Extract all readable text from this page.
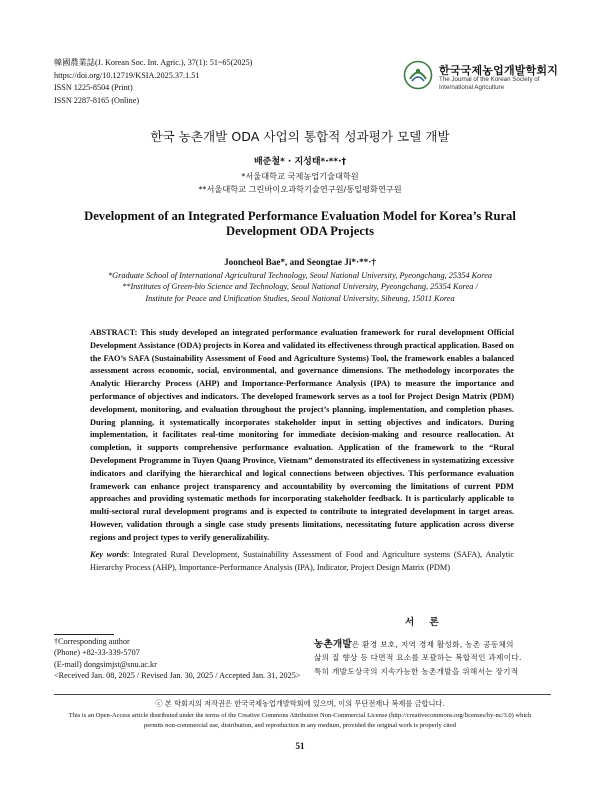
韓國農業誌(J. Korean Soc. Int. Agric.), 37(1): 51~65(2025)
https://doi.org/10.12719/KSIA.2025.37.1.51
ISSN 1225-8504 (Print)
ISSN 2287-8165 (Online)
한국국제농업개발학회지
The Journal of the Korean Society of International Agriculture
한국 농촌개발 ODA 사업의 통합적 성과평가 모델 개발
배준철* · 지성태*·**·†
*서울대학교 국제농업기술대학원
**서울대학교 그린바이오과학기술연구원/통일평화연구원
Development of an Integrated Performance Evaluation Model for Korea’s Rural Development ODA Projects
Jooncheol Bae*, and Seongtae Ji*·**·†
*Graduate School of International Agricultural Technology, Seoul National University, Pyeongchang, 25354 Korea
**Institutes of Green-bio Science and Technology, Seoul National University, Pyeongchang, 25354 Korea /
Institute for Peace and Unification Studies, Seoul National University, Siheung, 15011 Korea
ABSTRACT: This study developed an integrated performance evaluation framework for rural development Official Development Assistance (ODA) projects in Korea and validated its effectiveness through practical application. Based on the FAO’s SAFA (Sustainability Assessment of Food and Agriculture Systems) Tool, the framework enables a balanced assessment across economic, social, environmental, and governance dimensions. The methodology incorporates the Analytic Hierarchy Process (AHP) and Importance-Performance Analysis (IPA) to measure the importance and performance of objectives and indicators. The developed framework serves as a tool for Project Design Matrix (PDM) development, monitoring, and evaluation throughout the project’s planning, implementation, and completion phases. During planning, it systematically incorporates stakeholder input in setting objectives and indicators. During implementation, it facilitates real-time monitoring for immediate decision-making and resource reallocation. At completion, it supports comprehensive performance evaluation. Application of the framework to the “Rural Development Programme in Tuyen Quang Province, Vietnam” demonstrated its effectiveness in systematizing excessive indicators and clarifying the hierarchical and logical connections between objectives. This performance evaluation framework can enhance project transparency and accountability by overcoming the limitations of current PDM approaches and providing systematic methods for incorporating stakeholder feedback. It is particularly applicable to multi-sectoral rural development programs and is expected to contribute to integrated development in target areas. However, validation through a single case study presents limitations, necessitating future application across diverse regions and project types to verify generalizability.
Key words: Integrated Rural Development, Sustainability Assessment of Food and Agriculture systems (SAFA), Analytic Hierarchy Process (AHP), Importance-Performance Analysis (IPA), Indicator, Project Design Matrix (PDM)
서 론
농촌개발은 환경 보호, 지역 경제 활성화, 농촌 공동체의
삶의 질 향상 등 다면적 요소를 포괄하는 복합적인 과제이다.
특히 개발도상국의 지속가능한 농촌개발을 위해서는 장기적
†Corresponding author
(Phone) +82-33-339-5707
(E-mail) dongsimjst@snu.ac.kr
<Received Jan. 08, 2025 / Revised Jan. 30, 2025 / Accepted Jan. 31, 2025>
ⓒ 본 학회지의 저작권은 한국국제농업개발학회에 있으며, 이의 무단전재나 복제를 금합니다.
This is an Open-Access article distributed under the terms of the Creative Commons Attribution Non-Commercial License (http://creativecommons.org/licenses/by-nc/3.0) which
permits non-commercial use, distribution, and reproduction in any medium, provided the original work is properly cited
51
